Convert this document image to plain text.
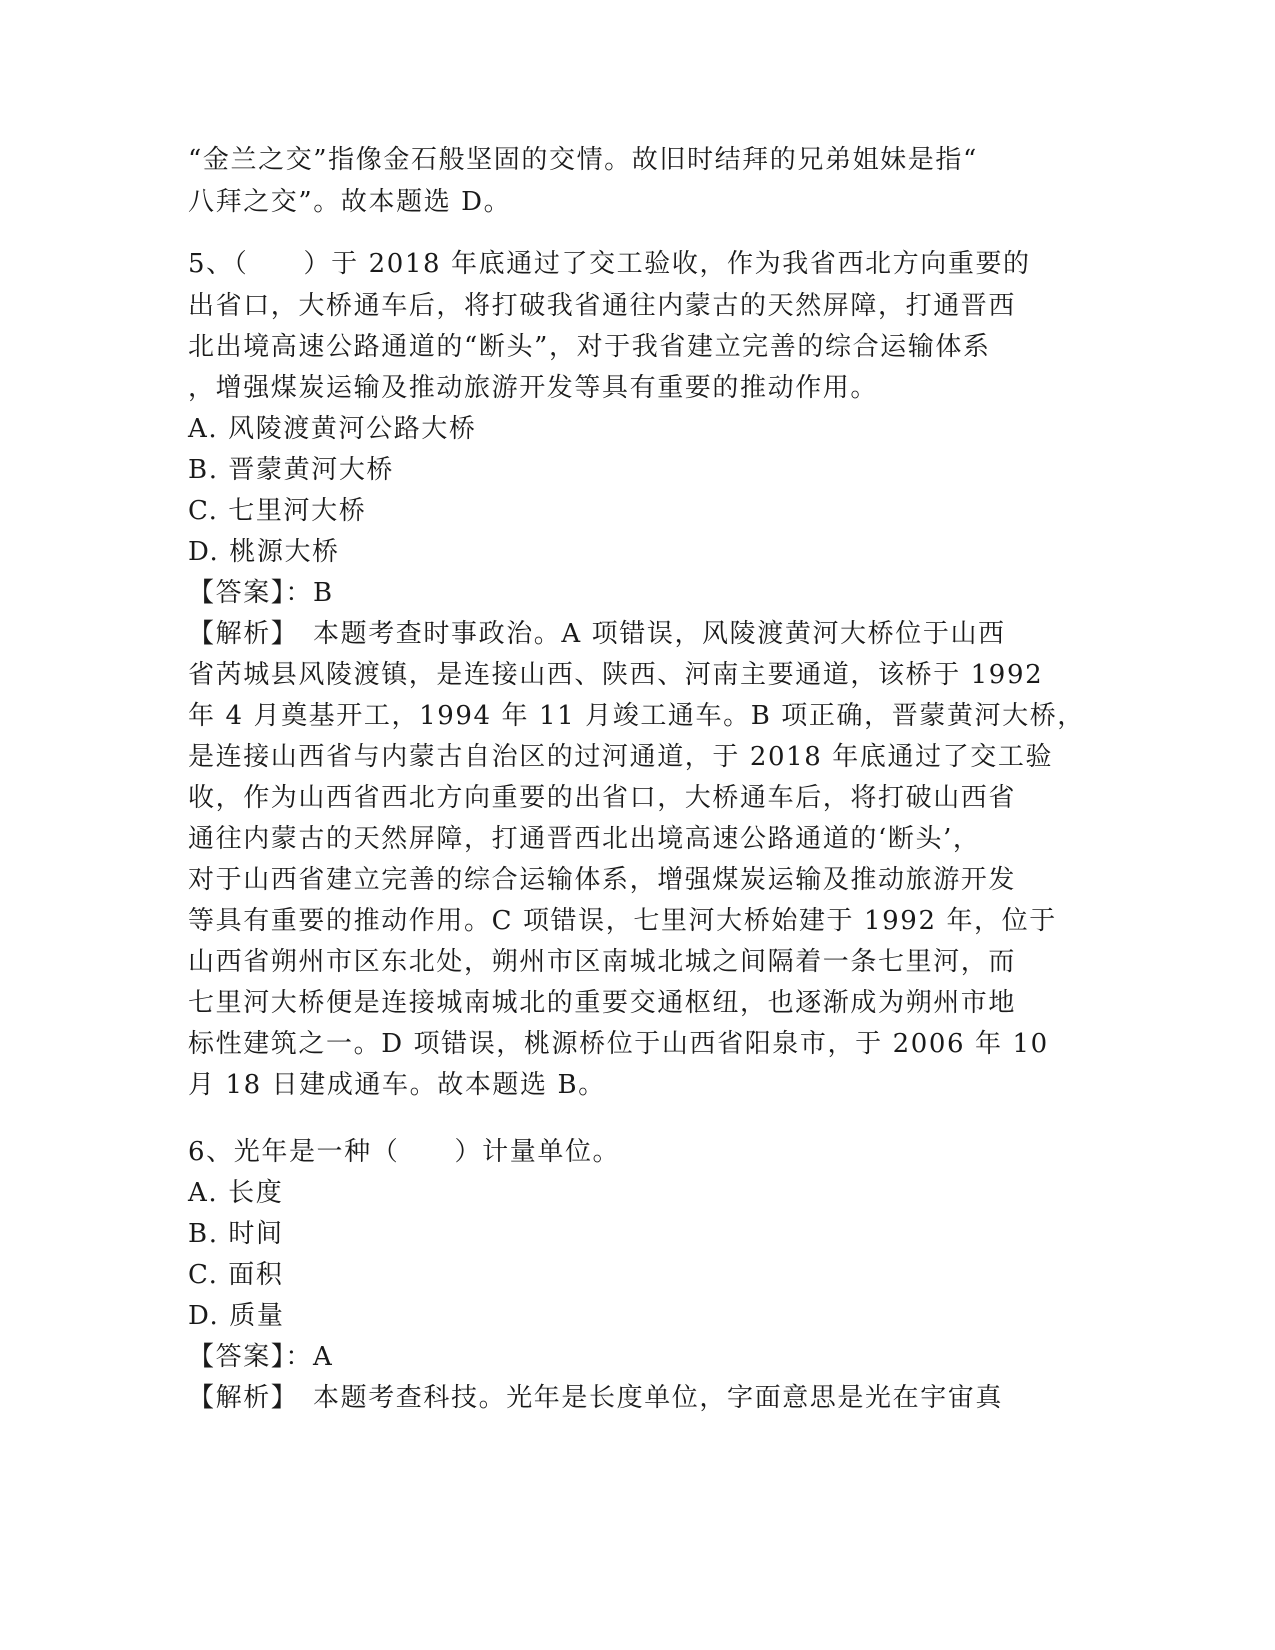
“金兰之交”指像金石般坚固的交情。故旧时结拜的兄弟姐妹是指“
八拜之交”。故本题选 D。
5、（　　）于 2018 年底通过了交工验收，作为我省西北方向重要的
出省口，大桥通车后，将打破我省通往内蒙古的天然屏障，打通晋西
北出境高速公路通道的“断头”，对于我省建立完善的综合运输体系
，增强煤炭运输及推动旅游开发等具有重要的推动作用。
A. 风陵渡黄河公路大桥
B. 晋蒙黄河大桥
C. 七里河大桥
D. 桃源大桥
【答案】：B
【解析】　本题考查时事政治。A 项错误，风陵渡黄河大桥位于山西
省芮城县风陵渡镇，是连接山西、陕西、河南主要通道，该桥于 1992
年 4 月奠基开工，1994 年 11 月竣工通车。B 项正确，晋蒙黄河大桥，
是连接山西省与内蒙古自治区的过河通道，于 2018 年底通过了交工验
收，作为山西省西北方向重要的出省口，大桥通车后，将打破山西省
通往内蒙古的天然屏障，打通晋西北出境高速公路通道的‘断头’，
对于山西省建立完善的综合运输体系，增强煤炭运输及推动旅游开发
等具有重要的推动作用。C 项错误，七里河大桥始建于 1992 年，位于
山西省朔州市区东北处，朔州市区南城北城之间隔着一条七里河，而
七里河大桥便是连接城南城北的重要交通枢纽，也逐渐成为朔州市地
标性建筑之一。D 项错误，桃源桥位于山西省阳泉市，于 2006 年 10
月 18 日建成通车。故本题选 B。
6、光年是一种（　　）计量单位。
A. 长度
B. 时间
C. 面积
D. 质量
【答案】：A
【解析】　本题考查科技。光年是长度单位，字面意思是光在宇宙真
